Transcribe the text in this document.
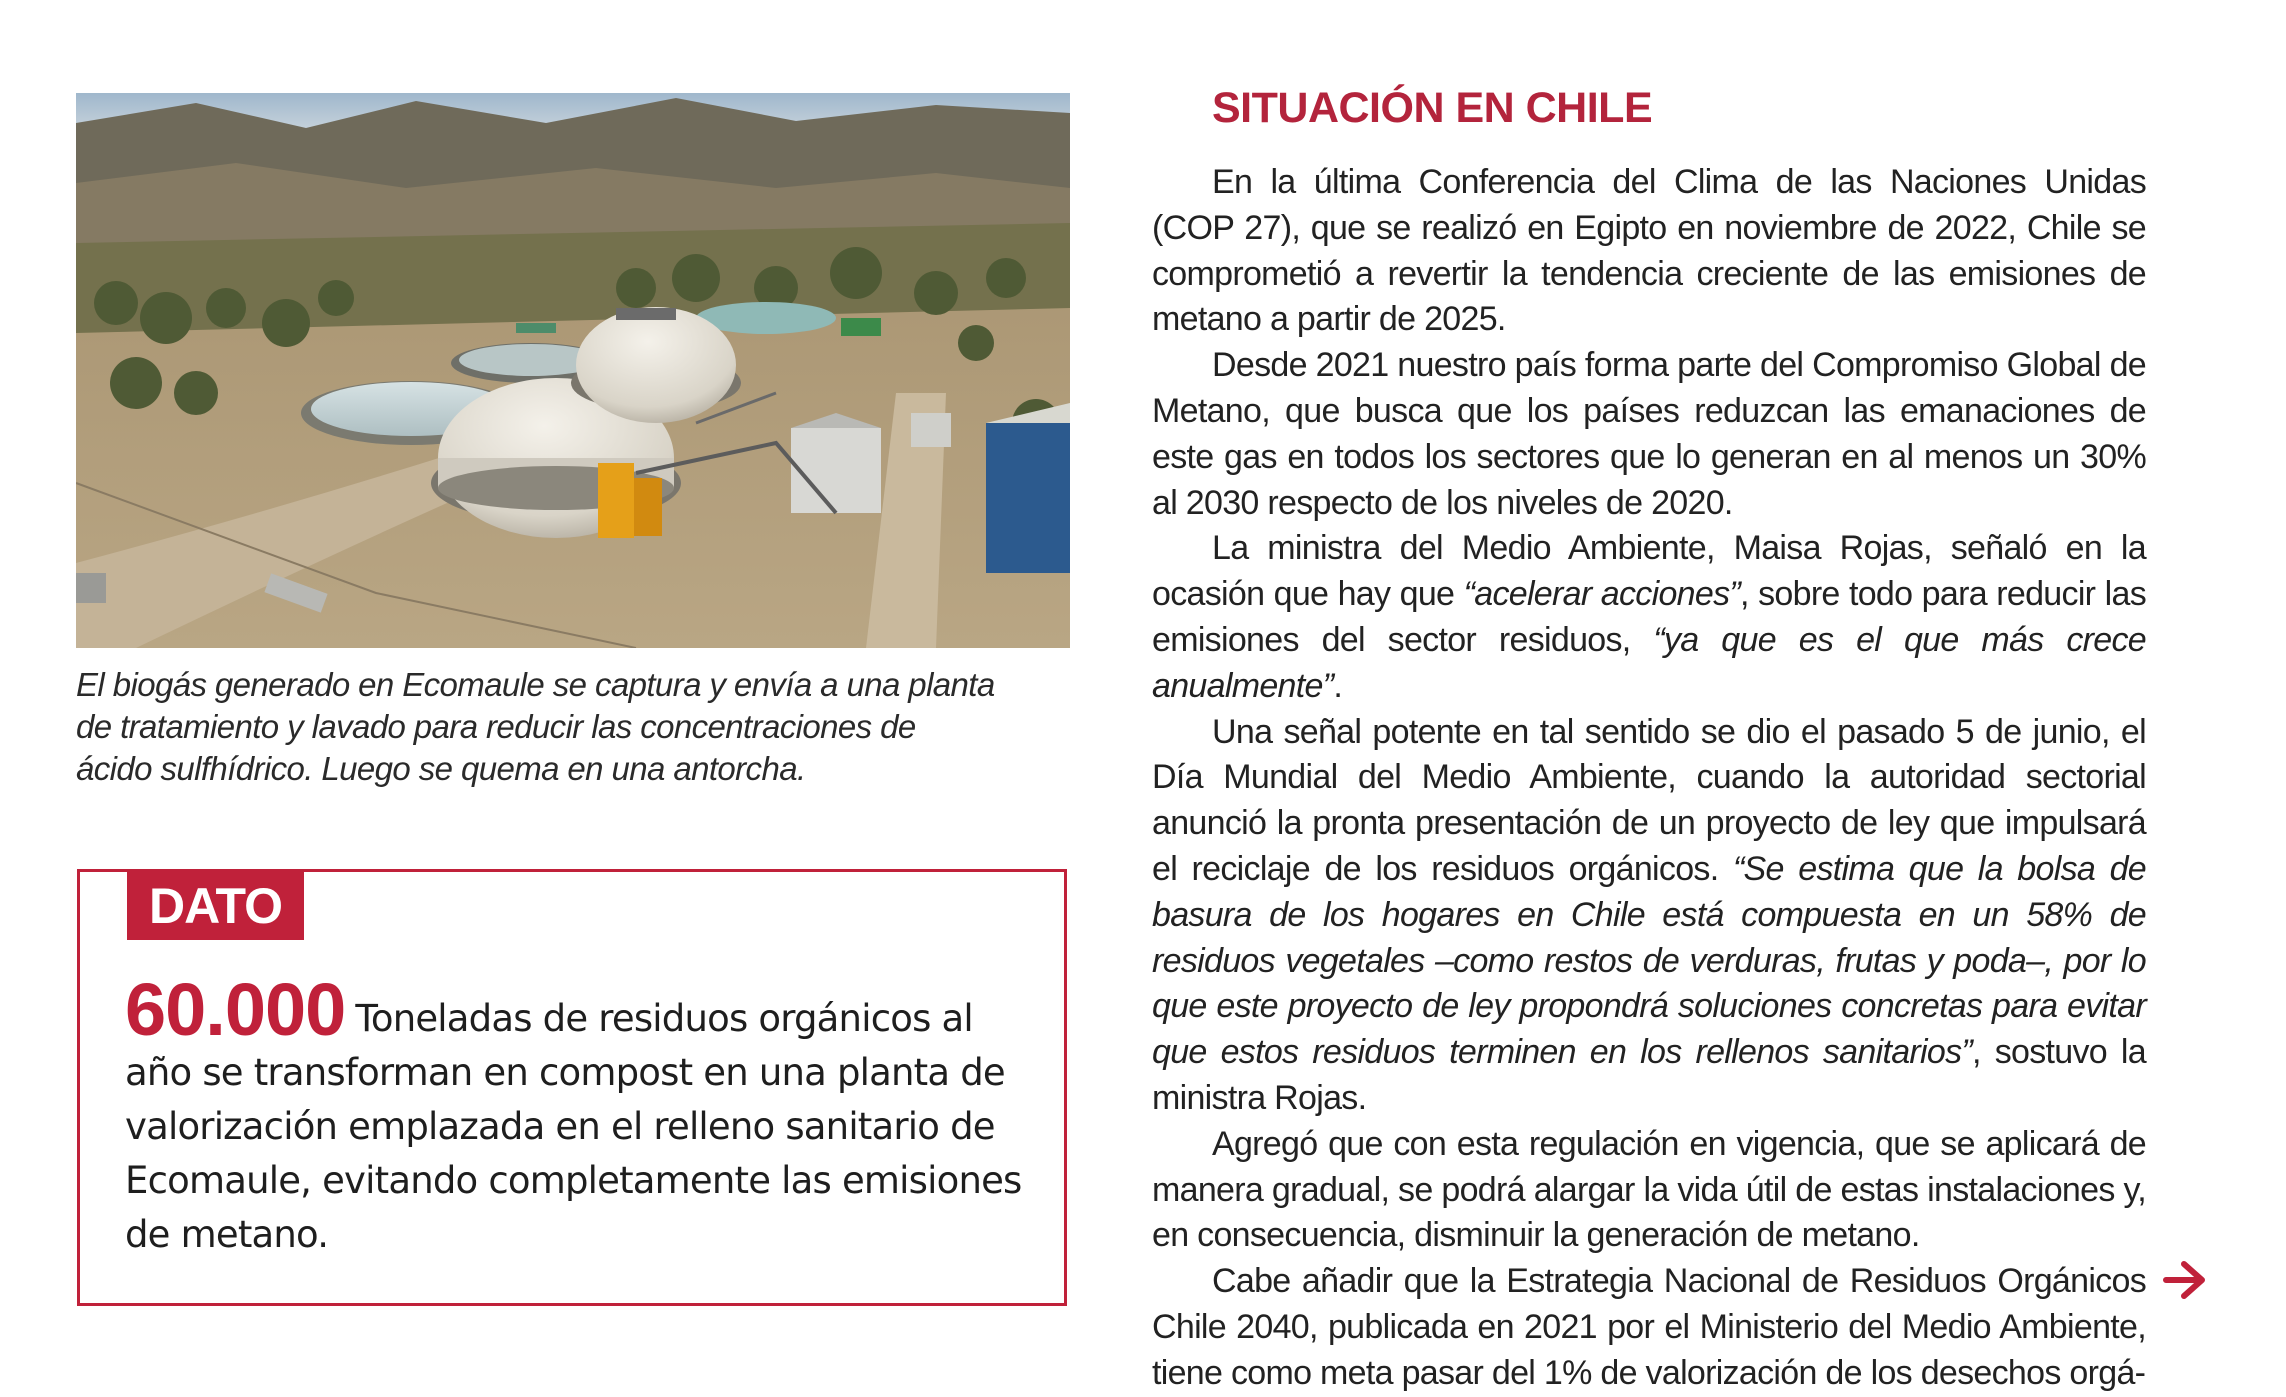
El biogás generado en Ecomaule se captura y envía a una planta de tratamiento y lavado para reducir las concentraciones de ácido sulfhídrico. Luego se quema en una antorcha.
DATO
60.000 Toneladas de residuos orgánicos al año se transforman en compost en una planta de valorización emplazada en el relleno sanitario de Ecomaule, evitando completamente las emisiones de metano.
SITUACIÓN EN CHILE

En la última Conferencia del Clima de las Naciones Unidas (COP 27), que se realizó en Egipto en noviembre de 2022, Chile se comprometió a revertir la tendencia creciente de las emisiones de metano a partir de 2025.

Desde 2021 nuestro país forma parte del Compromiso Global de Metano, que busca que los países reduzcan las emanaciones de este gas en todos los sectores que lo generan en al menos un 30% al 2030 respecto de los niveles de 2020.

La ministra del Medio Ambiente, Maisa Rojas, señaló en la ocasión que hay que “acelerar acciones”, sobre todo para reducir las emisiones del sector residuos, “ya que es el que más crece anualmente”.

Una señal potente en tal sentido se dio el pasado 5 de junio, el Día Mundial del Medio Ambiente, cuando la autoridad sectorial anunció la pronta presentación de un proyecto de ley que impulsará el reciclaje de los residuos orgánicos. “Se estima que la bolsa de basura de los hogares en Chile está compuesta en un 58% de residuos vegetales –como restos de verduras, frutas y poda–, por lo que este proyecto de ley propondrá soluciones concretas para evitar que estos residuos terminen en los rellenos sanitarios”, sostuvo la ministra Rojas.

Agregó que con esta regulación en vigencia, que se aplicará de manera gradual, se podrá alargar la vida útil de estas instalaciones y, en consecuencia, disminuir la generación de metano.

Cabe añadir que la Estrategia Nacional de Residuos Orgánicos Chile 2040, publicada en 2021 por el Ministerio del Medio Ambiente, tiene como meta pasar del 1% de valorización de los desechos orgá-
